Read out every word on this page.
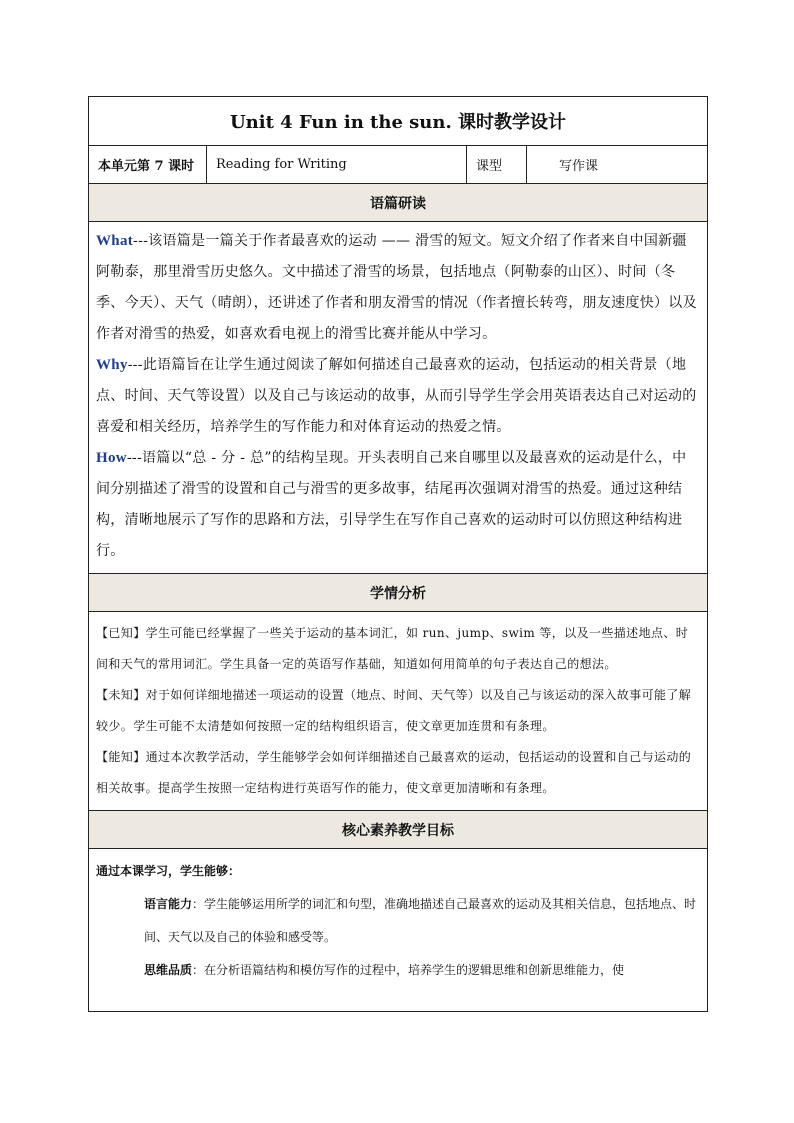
Unit 4 Fun in the sun. 课时教学设计
本单元第 7 课时	Reading for Writing	课型	写作课
语篇研读
What---该语篇是一篇关于作者最喜欢的运动 —— 滑雪的短文。短文介绍了作者来自中国新疆阿勒泰，那里滑雪历史悠久。文中描述了滑雪的场景，包括地点（阿勒泰的山区）、时间（冬季、今天）、天气（晴朗），还讲述了作者和朋友滑雪的情况（作者擅长转弯，朋友速度快）以及作者对滑雪的热爱，如喜欢看电视上的滑雪比赛并能从中学习。
Why---此语篇旨在让学生通过阅读了解如何描述自己最喜欢的运动，包括运动的相关背景（地点、时间、天气等设置）以及自己与该运动的故事，从而引导学生学会用英语表达自己对运动的喜爱和相关经历，培养学生的写作能力和对体育运动的热爱之情。
How---语篇以“总 - 分 - 总”的结构呈现。开头表明自己来自哪里以及最喜欢的运动是什么，中间分别描述了滑雪的设置和自己与滑雪的更多故事，结尾再次强调对滑雪的热爱。通过这种结构，清晰地展示了写作的思路和方法，引导学生在写作自己喜欢的运动时可以仿照这种结构进行。
学情分析
【已知】学生可能已经掌握了一些关于运动的基本词汇，如 run、jump、swim 等，以及一些描述地点、时间和天气的常用词汇。学生具备一定的英语写作基础，知道如何用简单的句子表达自己的想法。
【未知】对于如何详细地描述一项运动的设置（地点、时间、天气等）以及自己与该运动的深入故事可能了解较少。学生可能不太清楚如何按照一定的结构组织语言，使文章更加连贯和有条理。
【能知】通过本次教学活动，学生能够学会如何详细描述自己最喜欢的运动，包括运动的设置和自己与运动的相关故事。提高学生按照一定结构进行英语写作的能力，使文章更加清晰和有条理。
核心素养教学目标
通过本课学习，学生能够：
语言能力：学生能够运用所学的词汇和句型，准确地描述自己最喜欢的运动及其相关信息，包括地点、时间、天气以及自己的体验和感受等。
思维品质：在分析语篇结构和模仿写作的过程中，培养学生的逻辑思维和创新思维能力，使
